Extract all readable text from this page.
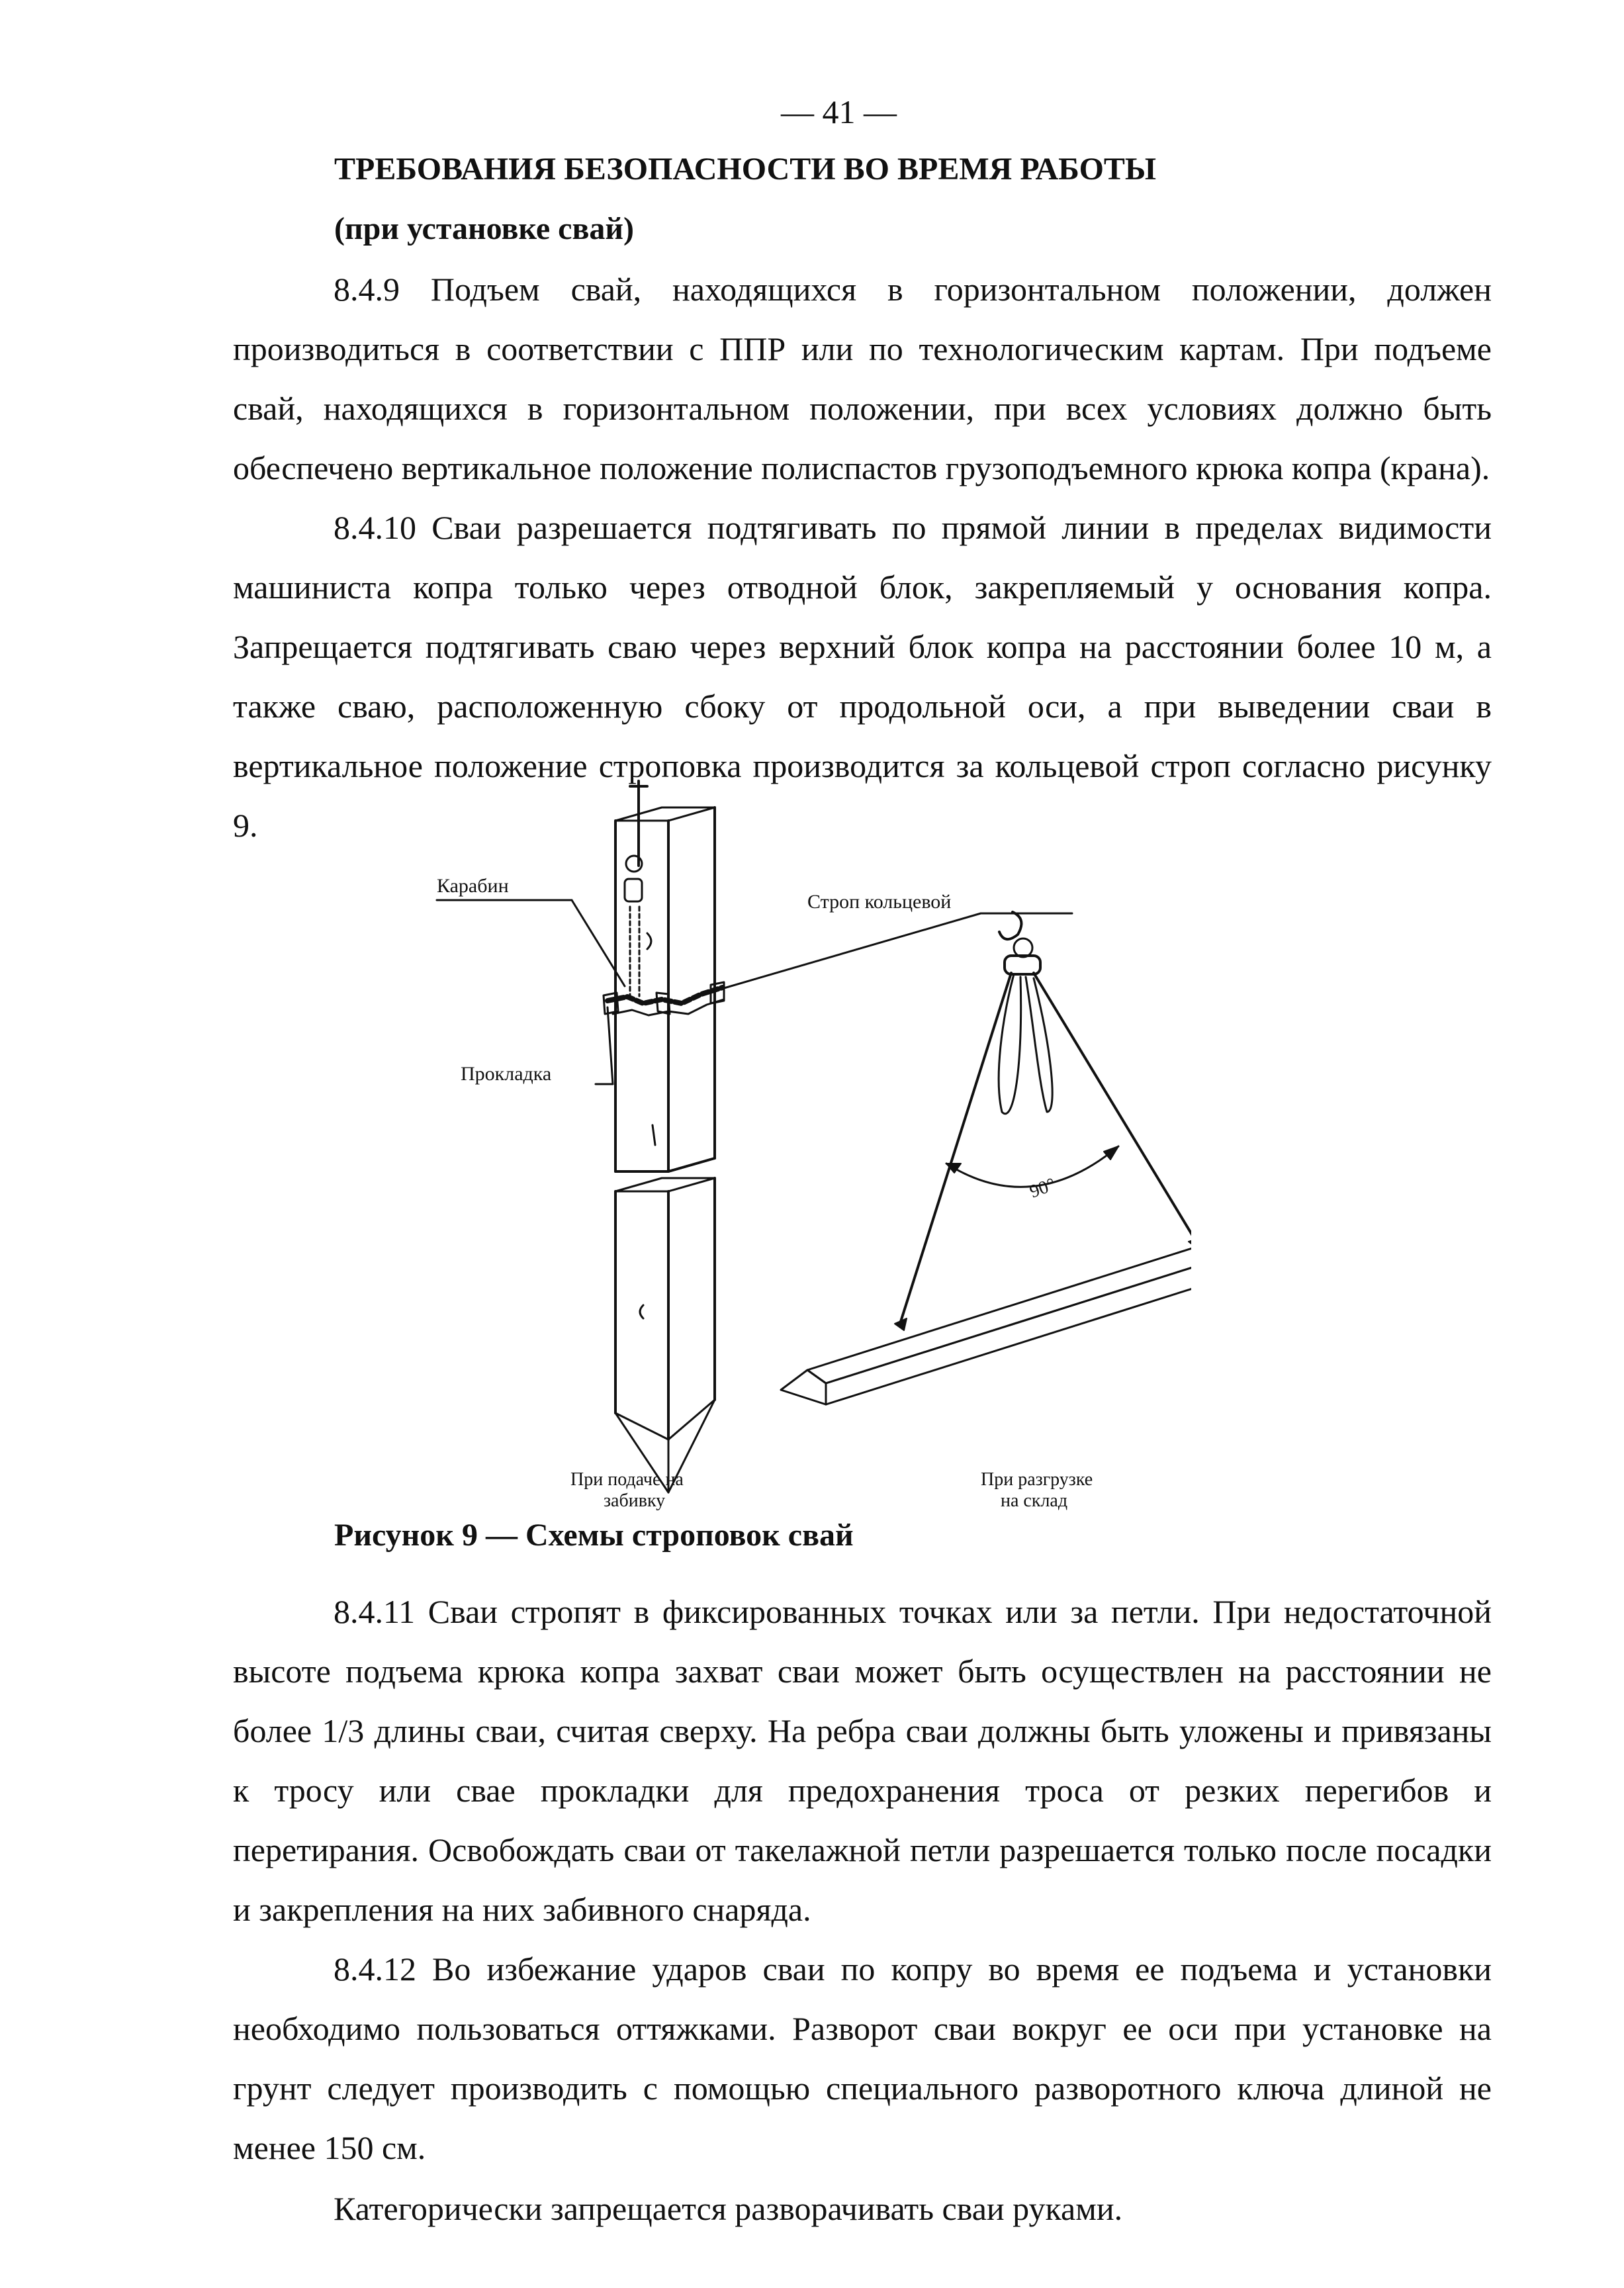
— 41 —
ТРЕБОВАНИЯ БЕЗОПАСНОСТИ ВО ВРЕМЯ РАБОТЫ
(при установке свай)

8.4.9 Подъем свай, находящихся в горизонтальном положении, должен производиться в соответствии с ППР или по технологическим картам. При подъеме свай, находящихся в горизонтальном положении, при всех условиях должно быть обеспечено вертикальное положение полиспастов грузоподъемного крюка копра (крана).

8.4.10 Сваи разрешается подтягивать по прямой линии в пределах видимости машиниста копра только через отводной блок, закрепляемый у основания копра. Запрещается подтягивать сваю через верхний блок копра на расстоянии более 10 м, а также сваю, расположенную сбоку от продольной оси, а при выведении сваи в вертикальное положение строповка производится за кольцевой строп согласно рисунку 9.

Карабин
Строп кольцевой
Прокладка
90°
При подаче на
забивку
При разгрузке
на склад
Рисунок 9 — Схемы строповок свай

8.4.11 Сваи стропят в фиксированных точках или за петли. При недостаточной высоте подъема крюка копра захват сваи может быть осуществлен на расстоянии не более 1/3 длины сваи, считая сверху. На ребра сваи должны быть уложены и привязаны к тросу или свае прокладки для предохранения троса от резких перегибов и перетирания. Освобождать сваи от такелажной петли разрешается только после посадки и закрепления на них забивного снаряда.

8.4.12 Во избежание ударов сваи по копру во время ее подъема и установки необходимо пользоваться оттяжками. Разворот сваи вокруг ее оси при установке на грунт следует производить с помощью специального разворотного ключа длиной не менее 150 см.

Категорически запрещается разворачивать сваи руками.
